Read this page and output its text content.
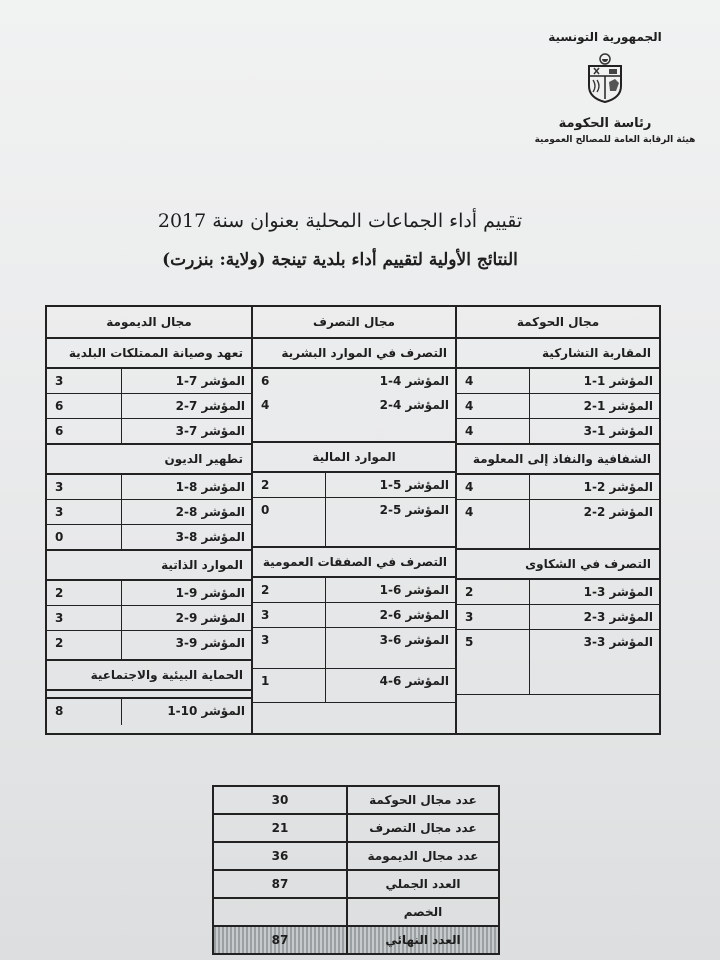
الجمهورية التونسية
رئاسة الحكومة
هيئة الرقابة العامة للمصالح العمومية
تقييم أداء الجماعات المحلية بعنوان سنة 2017
النتائج الأولية لتقييم أداء بلدية تينجة (ولاية: بنزرت)
مجال الحوكمة
المقاربة التشاركية
المؤشر 1-1
4
المؤشر 1-2
4
المؤشر 1-3
4
الشفافية والنفاذ إلى المعلومة
المؤشر 2-1
4
المؤشر 2-2
4
التصرف في الشكاوى
المؤشر 3-1
2
المؤشر 3-2
3
المؤشر 3-3
5
مجال التصرف
التصرف في الموارد البشرية
المؤشر 4-1
6
المؤشر 4-2
4
الموارد المالية
المؤشر 5-1
2
المؤشر 5-2
0
التصرف في الصفقات العمومية
المؤشر 6-1
2
المؤشر 6-2
3
المؤشر 6-3
3
المؤشر 6-4
1
مجال الديمومة
تعهد وصيانة الممتلكات البلدية
المؤشر 7-1
3
المؤشر 7-2
6
المؤشر 7-3
6
تطهير الديون
المؤشر 8-1
3
المؤشر 8-2
3
المؤشر 8-3
0
الموارد الذاتية
المؤشر 9-1
2
المؤشر 9-2
3
المؤشر 9-3
2
الحماية البيئية والاجتماعية
المؤشر 10-1
8
عدد مجال الحوكمة
30
عدد مجال التصرف
21
عدد مجال الديمومة
36
العدد الجملي
87
الخصم
العدد النهائي
87
